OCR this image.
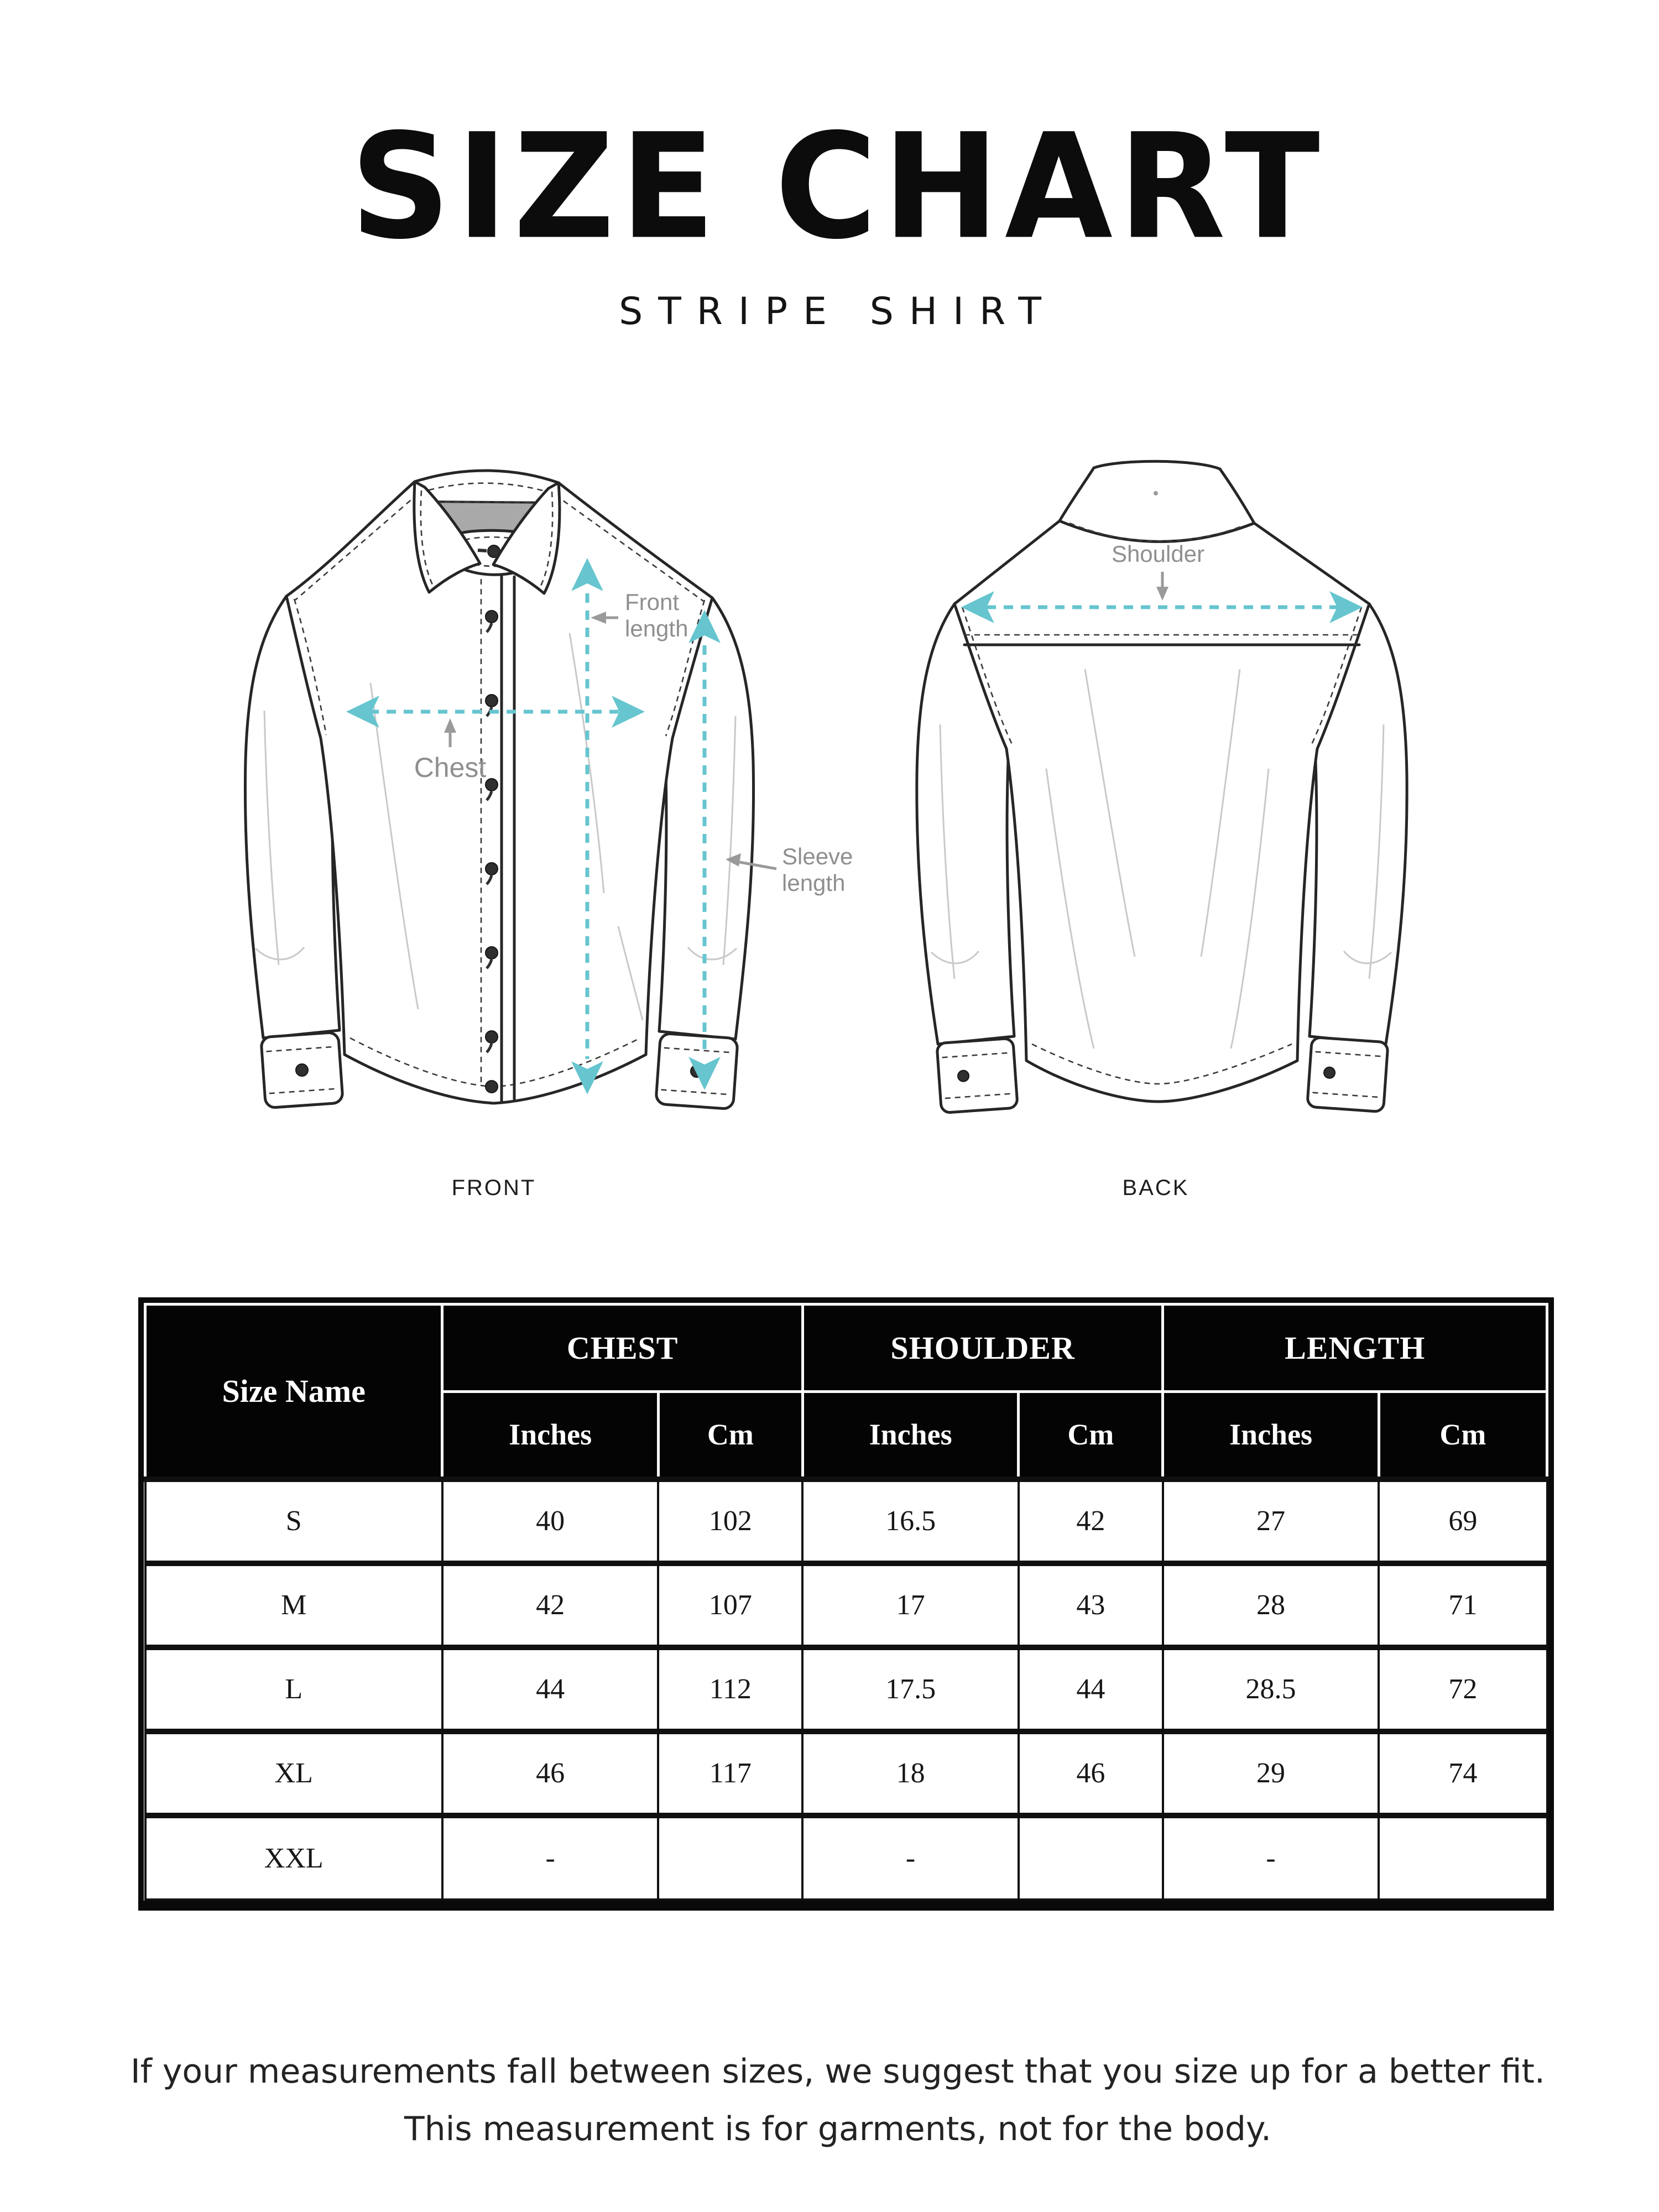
SIZE CHART
STRIPE SHIRT
Front
length
Chest
Sleeve
length
Shoulder
FRONT	BACK
Size Name	CHEST		SHOULDER		LENGTH	
	Inches	Cm	Inches	Cm	Inches	Cm
S	40	102	16.5	42	27	69
M	42	107	17	43	28	71
L	44	112	17.5	44	28.5	72
XL	46	117	18	46	29	74
XXL	-		-		-	
If your measurements fall between sizes, we suggest that you size up for a better fit.
This measurement is for garments, not for the body.
